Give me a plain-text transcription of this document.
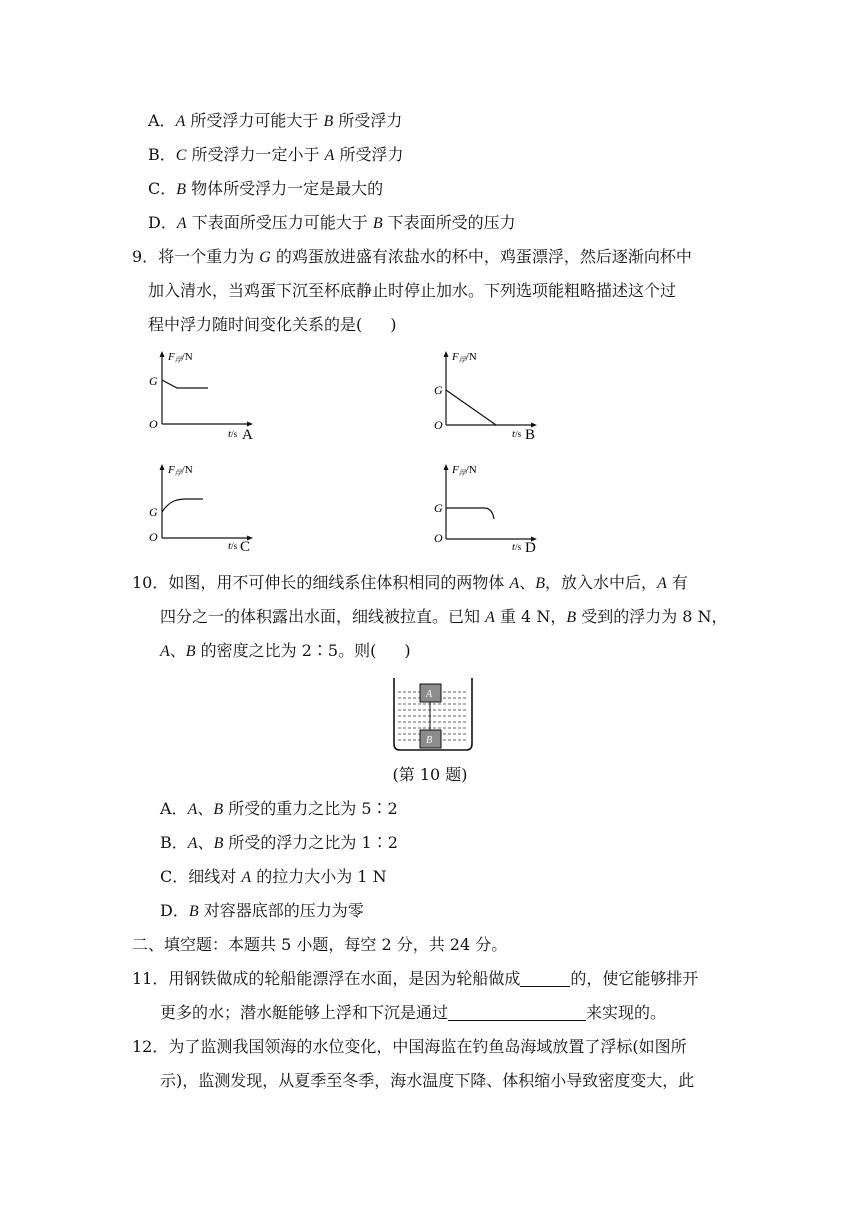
A．A 所受浮力可能大于 B 所受浮力
B．C 所受浮力一定小于 A 所受浮力
C．B 物体所受浮力一定是最大的
D．A 下表面所受压力可能大于 B 下表面所受的压力
9．将一个重力为 G 的鸡蛋放进盛有浓盐水的杯中，鸡蛋漂浮，然后逐渐向杯中
加入清水，当鸡蛋下沉至杯底静止时停止加水。下列选项能粗略描述这个过
程中浮力随时间变化关系的是( )
F浮/N
G
O
t/s A
F浮/N
G
O
t/s B
F浮/N
G
O
t/s C
F浮/N
G
O
t/s D
10．如图，用不可伸长的细线系住体积相同的两物体 A、B，放入水中后，A 有
四分之一的体积露出水面，细线被拉直。已知 A 重 4 N，B 受到的浮力为 8 N，
A、B 的密度之比为 2∶5。则( )
A
B
(第 10 题)
A．A、B 所受的重力之比为 5∶2
B．A、B 所受的浮力之比为 1∶2
C．细线对 A 的拉力大小为 1 N
D．B 对容器底部的压力为零
二、填空题：本题共 5 小题，每空 2 分，共 24 分。
11．用钢铁做成的轮船能漂浮在水面，是因为轮船做成	的，使它能够排开
更多的水；潜水艇能够上浮和下沉是通过	来实现的。
12．为了监测我国领海的水位变化，中国海监在钓鱼岛海域放置了浮标(如图所
示)，监测发现，从夏季至冬季，海水温度下降、体积缩小导致密度变大，此
